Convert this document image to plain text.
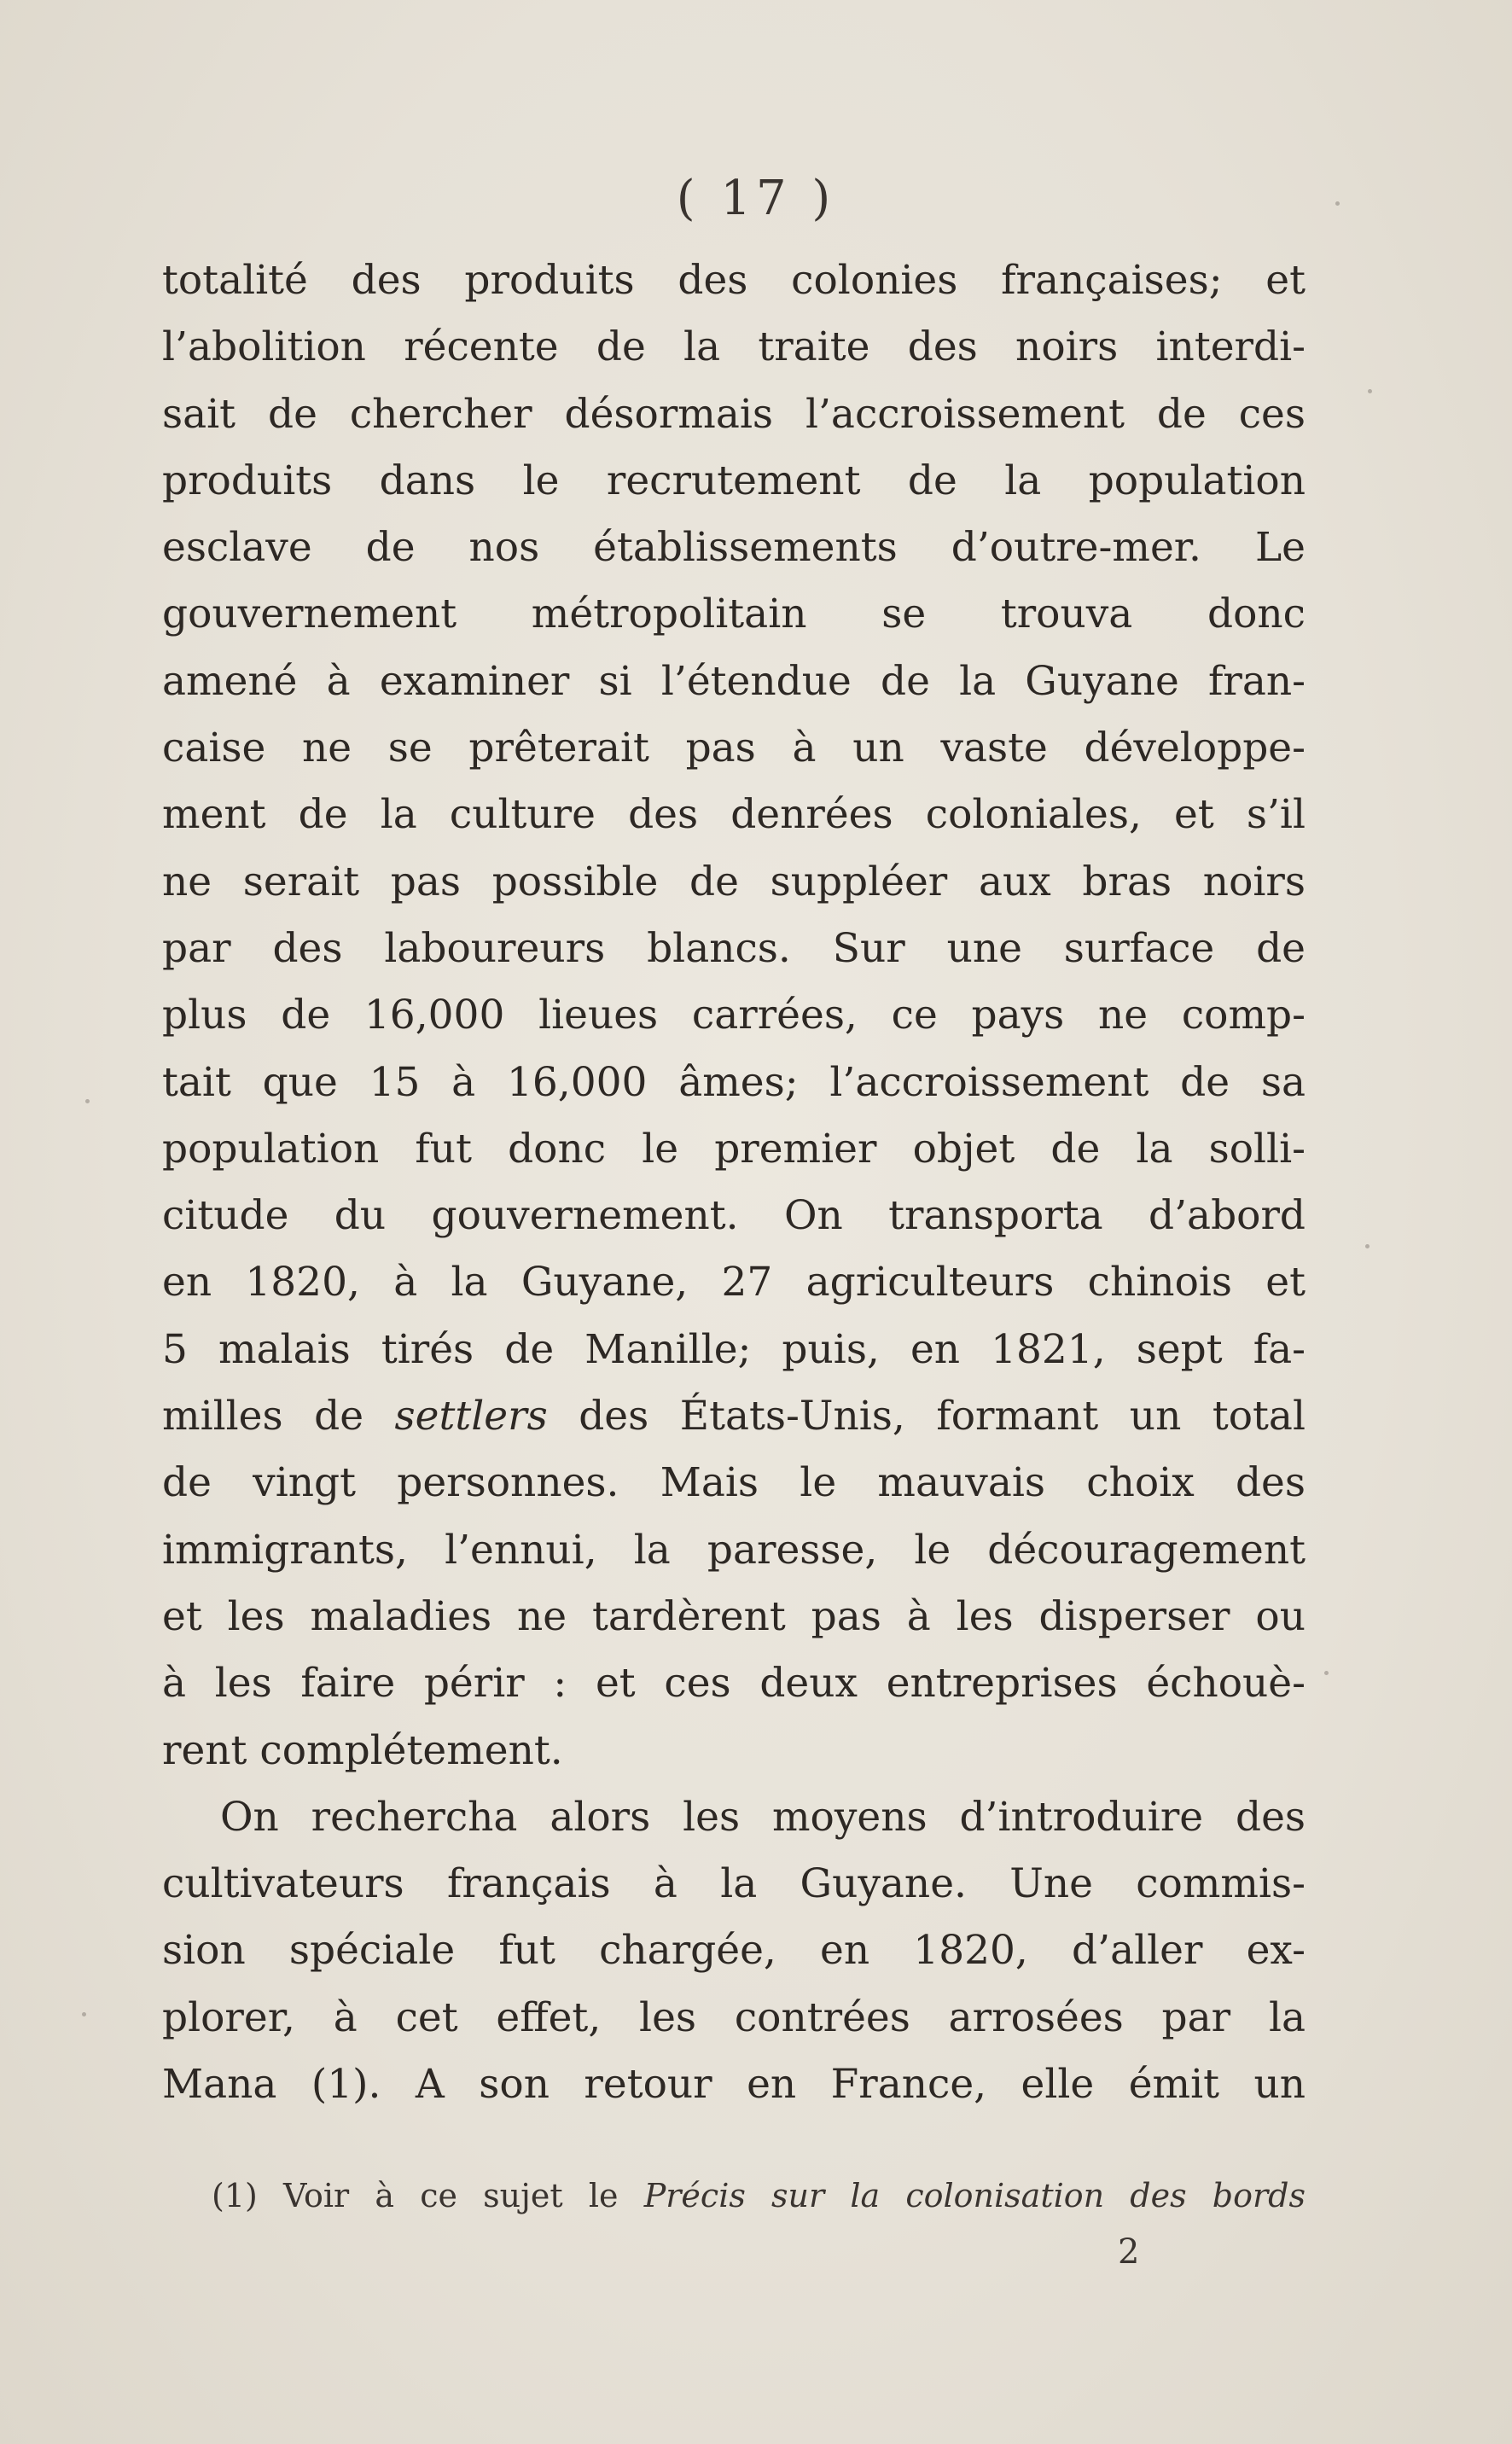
( 17 )
totalité des produits des colonies françaises; et
l’abolition récente de la traite des noirs interdi-
sait de chercher désormais l’accroissement de ces
produits dans le recrutement de la population
esclave de nos établissements d’outre-mer. Le
gouvernement métropolitain se trouva donc
amené à examiner si l’étendue de la Guyane fran-
caise ne se prêterait pas à un vaste développe-
ment de la culture des denrées coloniales, et s’il
ne serait pas possible de suppléer aux bras noirs
par des laboureurs blancs. Sur une surface de
plus de 16,000 lieues carrées, ce pays ne comp-
tait que 15 à 16,000 âmes; l’accroissement de sa
population fut donc le premier objet de la solli-
citude du gouvernement. On transporta d’abord
en 1820, à la Guyane, 27 agriculteurs chinois et
5 malais tirés de Manille; puis, en 1821, sept fa-
milles de settlers des États-Unis, formant un total
de vingt personnes. Mais le mauvais choix des
immigrants, l’ennui, la paresse, le découragement
et les maladies ne tardèrent pas à les disperser ou
à les faire périr : et ces deux entreprises échouè-
rent complétement.
On rechercha alors les moyens d’introduire des
cultivateurs français à la Guyane. Une commis-
sion spéciale fut chargée, en 1820, d’aller ex-
plorer, à cet effet, les contrées arrosées par la
Mana (1). A son retour en France, elle émit un
(1) Voir à ce sujet le Précis sur la colonisation des bords
2
